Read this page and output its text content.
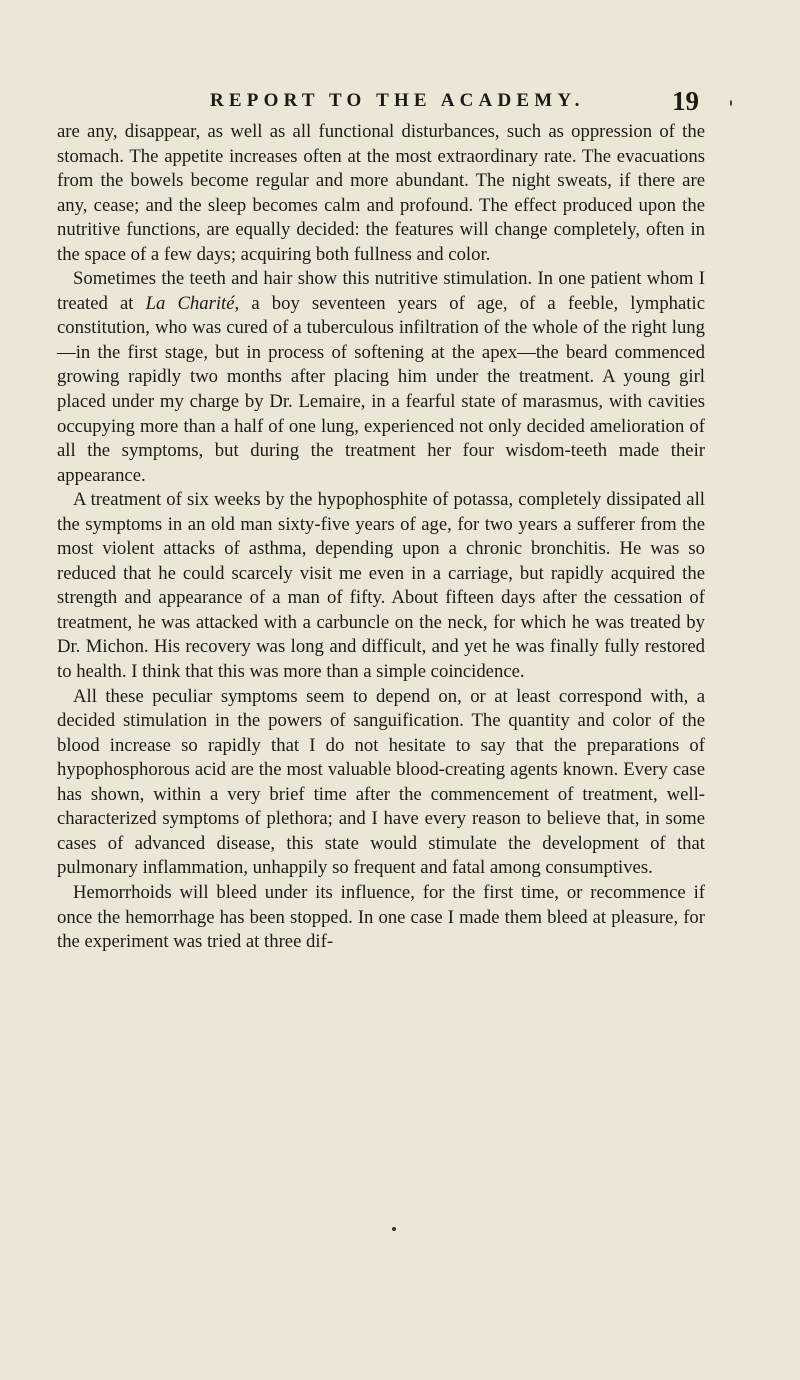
REPORT TO THE ACADEMY.	19

are any, disappear, as well as all functional disturbances, such as oppression of the stomach. The appetite increases often at the most extraordinary rate. The evacuations from the bowels become regular and more abundant. The night sweats, if there are any, cease; and the sleep becomes calm and profound. The effect produced upon the nutritive functions, are equally decided: the features will change completely, often in the space of a few days; acquiring both fullness and color.

Sometimes the teeth and hair show this nutritive stimulation. In one patient whom I treated at La Charité, a boy seventeen years of age, of a feeble, lymphatic constitution, who was cured of a tuberculous infiltration of the whole of the right lung—in the first stage, but in process of softening at the apex—the beard commenced growing rapidly two months after placing him under the treatment. A young girl placed under my charge by Dr. Lemaire, in a fearful state of marasmus, with cavities occupying more than a half of one lung, experienced not only decided amelioration of all the symptoms, but during the treatment her four wisdom-teeth made their appearance.

A treatment of six weeks by the hypophosphite of potassa, completely dissipated all the symptoms in an old man sixty-five years of age, for two years a sufferer from the most violent attacks of asthma, depending upon a chronic bronchitis. He was so reduced that he could scarcely visit me even in a carriage, but rapidly acquired the strength and appearance of a man of fifty. About fifteen days after the cessation of treatment, he was attacked with a carbuncle on the neck, for which he was treated by Dr. Michon. His recovery was long and difficult, and yet he was finally fully restored to health. I think that this was more than a simple coincidence.

All these peculiar symptoms seem to depend on, or at least correspond with, a decided stimulation in the powers of sanguification. The quantity and color of the blood increase so rapidly that I do not hesitate to say that the preparations of hypophosphorous acid are the most valuable blood-creating agents known. Every case has shown, within a very brief time after the commencement of treatment, well-characterized symptoms of plethora; and I have every reason to believe that, in some cases of advanced disease, this state would stimulate the development of that pulmonary inflammation, unhappily so frequent and fatal among consumptives.

Hemorrhoids will bleed under its influence, for the first time, or recommence if once the hemorrhage has been stopped. In one case I made them bleed at pleasure, for the experiment was tried at three dif-
